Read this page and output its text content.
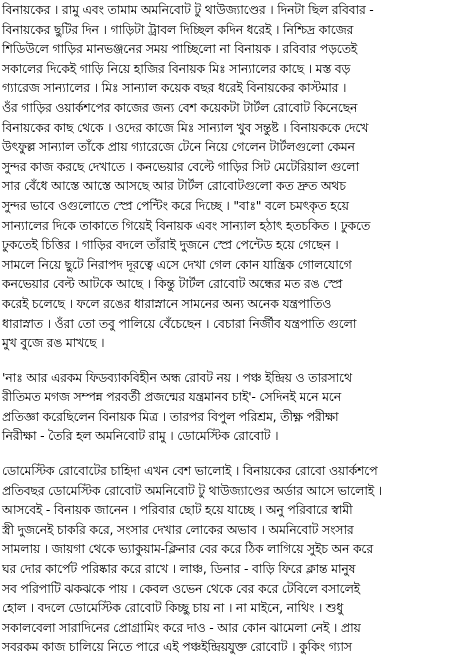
বিনায়কের । রামু এবং তামাম অমনিবোট টু থাউজ্যাণ্ডের । দিনটা ছিল রবিবার -
বিনায়কের ছুটির দিন । গাড়িটা ট্রাবল দিচ্ছিল কদিন ধরেই । নিশ্চিদ্র কাজের
শিডিউলে গাড়ির মানভঞ্জনের সময় পাচ্ছিলো না বিনায়ক । রবিবার পড়তেই
সকালের দিকেই গাড়ি নিয়ে হাজির বিনায়ক মিঃ সান্যালের কাছে । মস্ত বড়
গ্যারেজ সান্যালের । মিঃ সান্যাল কয়েক বছর ধরেই বিনায়কের কাস্টমার ।
ওঁর গাড়ির ওয়ার্কশপের কাজের জন্য বেশ কয়েকটা টার্টল রোবোট কিনেছেন
বিনায়কের কাছ থেকে । ওদের কাজে মিঃ সান্যাল খুব সন্তুষ্ট । বিনায়ককে দেখে
উৎফুল্ল সান্যাল তাঁকে প্রায় গ্যারেজে টেনে নিয়ে গেলেন টার্টলগুলো কেমন
সুন্দর কাজ করছে দেখাতে । কনভেয়ার বেল্টে গাড়ির সিট মেটেরিয়াল গুলো
সার বেঁধে আস্তে আস্তে আসছে আর টার্টল রোবোটগুলো কত দ্রুত অথচ
সুন্দর ভাবে ওগুলোতে স্প্রে পেন্টিং করে দিচ্ছে । "বাঃ" বলে চমৎকৃত হয়ে
সান্যালের দিকে তাকাতে গিয়েই বিনায়ক এবং সান্যাল হঠাৎ হতচকিত । ঢুকতে
ঢুকতেই চিত্তির । গাড়ির বদলে তাঁরাই দুজনে স্প্রে পেন্টেড হয়ে গেছেন ।
সামলে নিয়ে ছুটে নিরাপদ দূরত্বে এসে দেখা গেল কোন যান্ত্রিক গোলযোগে
কনভেয়ার বেল্ট আটকে আছে । কিন্তু টার্টল রোবোট অন্ধের মত রঙ স্প্রে
করেই চলেছে । ফলে রঙের ধারাস্নানে সামনের অন্য অনেক যন্ত্রপাতিও
ধারাস্নাত । ওঁরা তো তবু পালিয়ে বেঁচেছেন । বেচারা নির্জীব যন্ত্রপাতি গুলো
মুখ বুজে রঙ মাখছে ।
'নাঃ আর এরকম ফিডব্যাকবিহীন অন্ধ রোবট নয় । পঞ্চ ইন্দ্রিয় ও তারসাথে
রীতিমত মগজ সম্পন্ন পরবর্তী প্রজন্মের যন্ত্রমানব চাই'- সেদিনই মনে মনে
প্রতিজ্ঞা করেছিলেন বিনায়ক মিত্র । তারপর বিপুল পরিশ্রম, তীক্ষ্ণ পরীক্ষা
নিরীক্ষা - তৈরি হল অমনিবোট রামু । ডোমেস্টিক রোবোট ।
ডোমেস্টিক রোবোটের চাহিদা এখন বেশ ভালোই । বিনায়কের রোবো ওয়ার্কশপে
প্রতিবছর ডোমেস্টিক রোবোট অমনিবোট টু থাউজ্যাণ্ডের অর্ডার আসে ভালোই ।
আসবেই - বিনায়ক জানেন । পরিবার ছোট হয়ে যাচ্ছে । অনু পরিবারে স্বামী
স্ত্রী দুজনেই চাকরি করে, সংসার দেখার লোকের অভাব । অমনিবোট সংসার
সামলায় । জায়গা থেকে ভ্যাকুয়াম-ক্লিনার বের করে ঠিক লাগিয়ে সুইচ অন করে
ঘর দোর কার্পেট পরিষ্কার করে রাখে । লাঞ্চ, ডিনার - বাড়ি ফিরে ক্লান্ত মানুষ
সব পরিপাটি ঝকঝকে পায় । কেবল ওভেন থেকে বের করে টেবিলে বসালেই
হোল । বদলে ডোমেস্টিক রোবোট কিচ্ছু চায় না । না মাইনে, নাথিং । শুধু
সকালবেলা সারাদিনের প্রোগ্রামিং করে দাও - আর কোন ঝামেলা নেই । প্রায়
সবরকম কাজ চালিয়ে নিতে পারে এই পঞ্চইন্দ্রিয়যুক্ত রোবোট । কুকিং গ্যাস
